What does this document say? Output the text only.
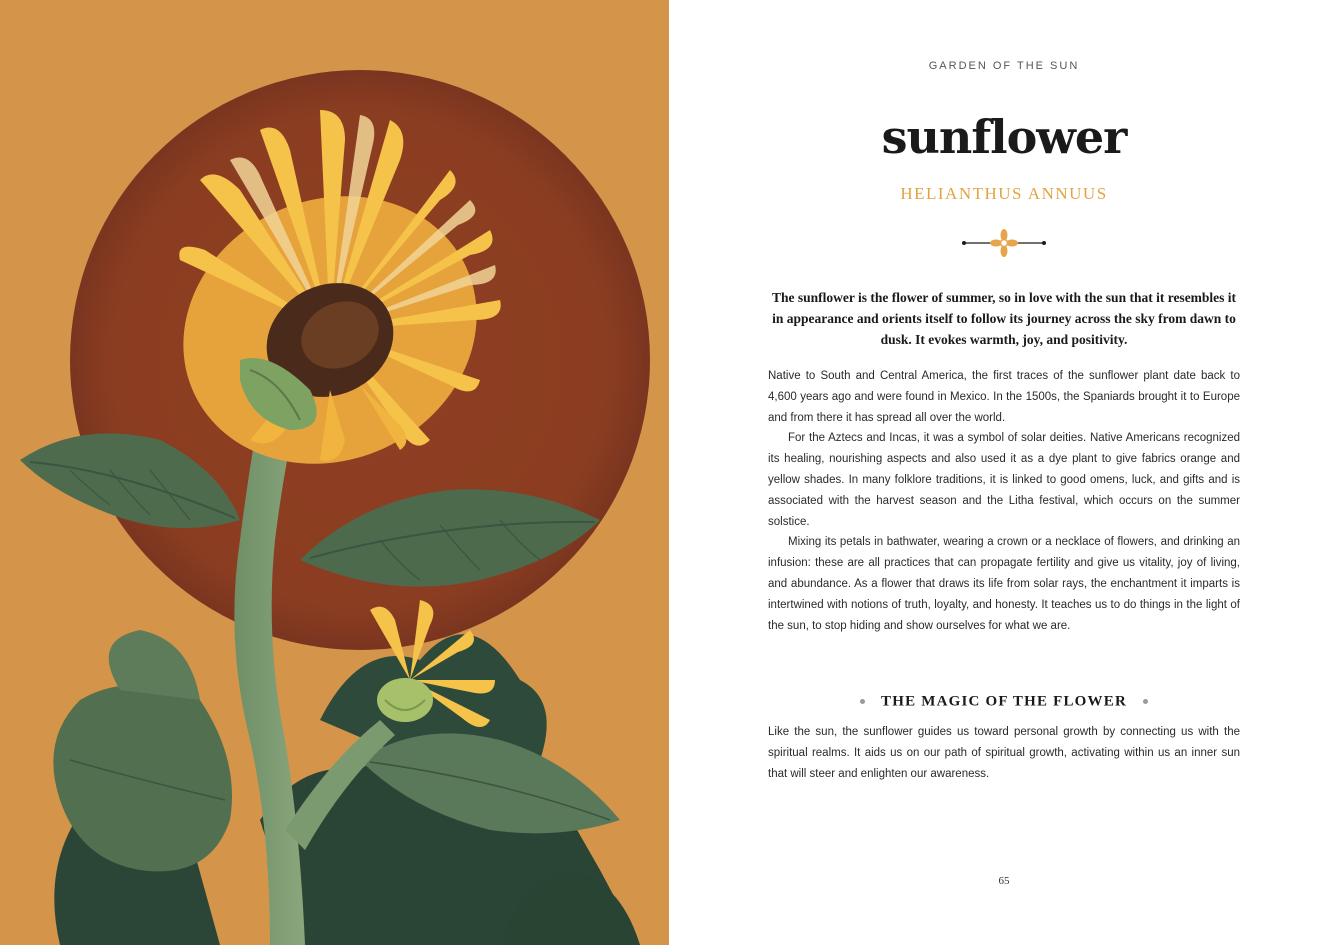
GARDEN OF THE SUN
sunflower
HELIANTHUS ANNUUS
The sunflower is the flower of summer, so in love with the sun that it resembles it in appearance and orients itself to follow its journey across the sky from dawn to dusk. It evokes warmth, joy, and positivity.

Native to South and Central America, the first traces of the sunflower plant date back to 4,600 years ago and were found in Mexico. In the 1500s, the Spaniards brought it to Europe and from there it has spread all over the world.

For the Aztecs and Incas, it was a symbol of solar deities. Native Americans recognized its healing, nourishing aspects and also used it as a dye plant to give fabrics orange and yellow shades. In many folklore traditions, it is linked to good omens, luck, and gifts and is associated with the harvest season and the Litha festival, which occurs on the summer solstice.

Mixing its petals in bathwater, wearing a crown or a necklace of flowers, and drinking an infusion: these are all practices that can propagate fertility and give us vitality, joy of living, and abundance. As a flower that draws its life from solar rays, the enchantment it imparts is intertwined with notions of truth, loyalty, and honesty. It teaches us to do things in the light of the sun, to stop hiding and show ourselves for what we are.

THE MAGIC OF THE FLOWER

Like the sun, the sunflower guides us toward personal growth by connecting us with the spiritual realms. It aids us on our path of spiritual growth, activating within us an inner sun that will steer and enlighten our awareness.

65
